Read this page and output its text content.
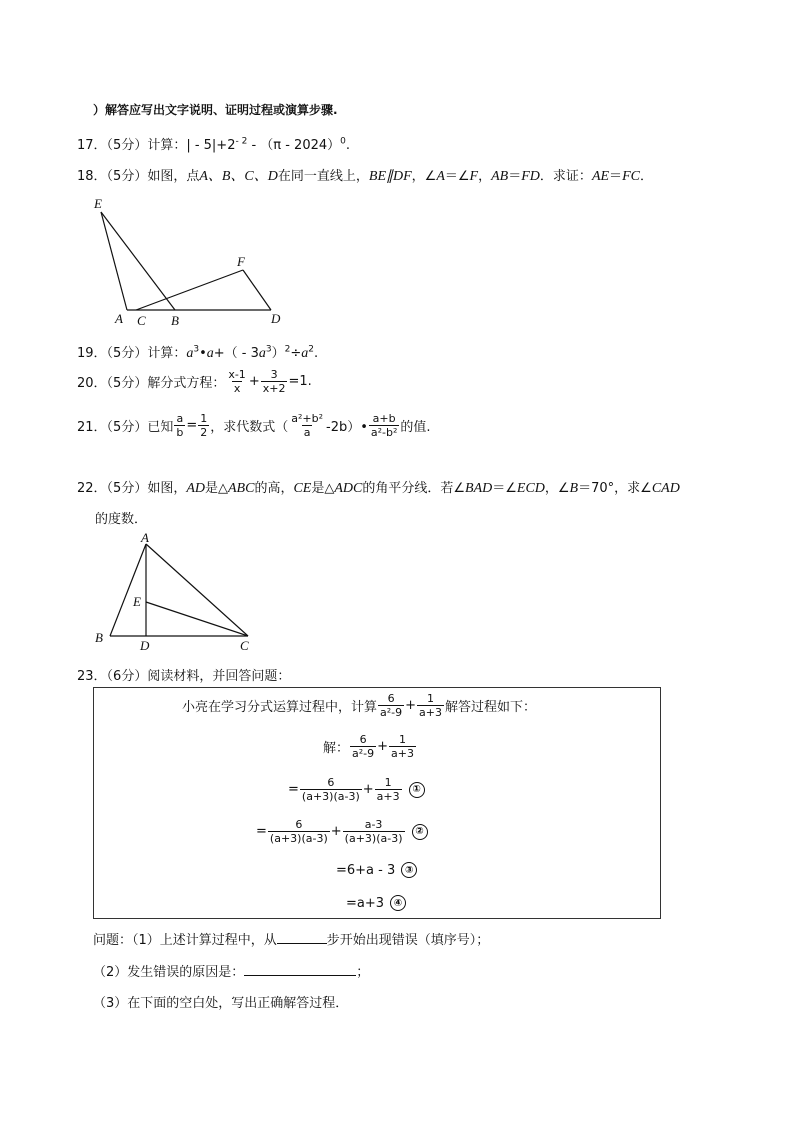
）解答应写出文字说明、证明过程或演算步骤.
17．（5分）计算：| - $5|+2^{- 2} - (\pi - 2024)^0$.
18．（5分）如图，点A、B、C、D在同一直线上，BE∥DF，∠A＝∠F，AB＝FD．求证：AE＝FC．
E
F
A C B	D
19．（5分）计算：$a^3•a+( - 3a^3)^2\div a^2$.
20．（5分）解分式方程： $\frac{x-1}{x} + \frac{3}{x+2} =1$.
21．（5分）已知 $\frac{a}{b} = \frac{1}{2}$ ，求代数式（ $\frac{\text{a²+b²}}{a}$ -2b）• $\frac{a+b}{\text{a²-b²}}$ 的值.
22．（5分）如图，AD是△ABC的高，CE是△ADC的角平分线．若∠BAD＝∠ECD，∠B＝70°，求∠CAD
的度数．
A
E
B
D	C
23．（6分）阅读材料，并回答问题：
小亮在学习分式运算过程中，计算 $\frac{6}{\text{a²-9}} + \frac{1}{a+3}$ 解答过程如下：
解： $\frac{6}{\text{a²-9}} + \frac{1}{a+3}$
= $\frac{6}{(a+3)(a-3)} + \frac{1}{a+3}$	①
= $\frac{6}{(a+3)(a-3)} + \frac{a-3}{(a+3)(a-3)}$	②
=6+a - 3 ③
=a+3 ④
问题：（1）上述计算过程中，从	步开始出现错误（填序号）；
（2）发生错误的原因是：	；
（3）在下面的空白处，写出正确解答过程．
